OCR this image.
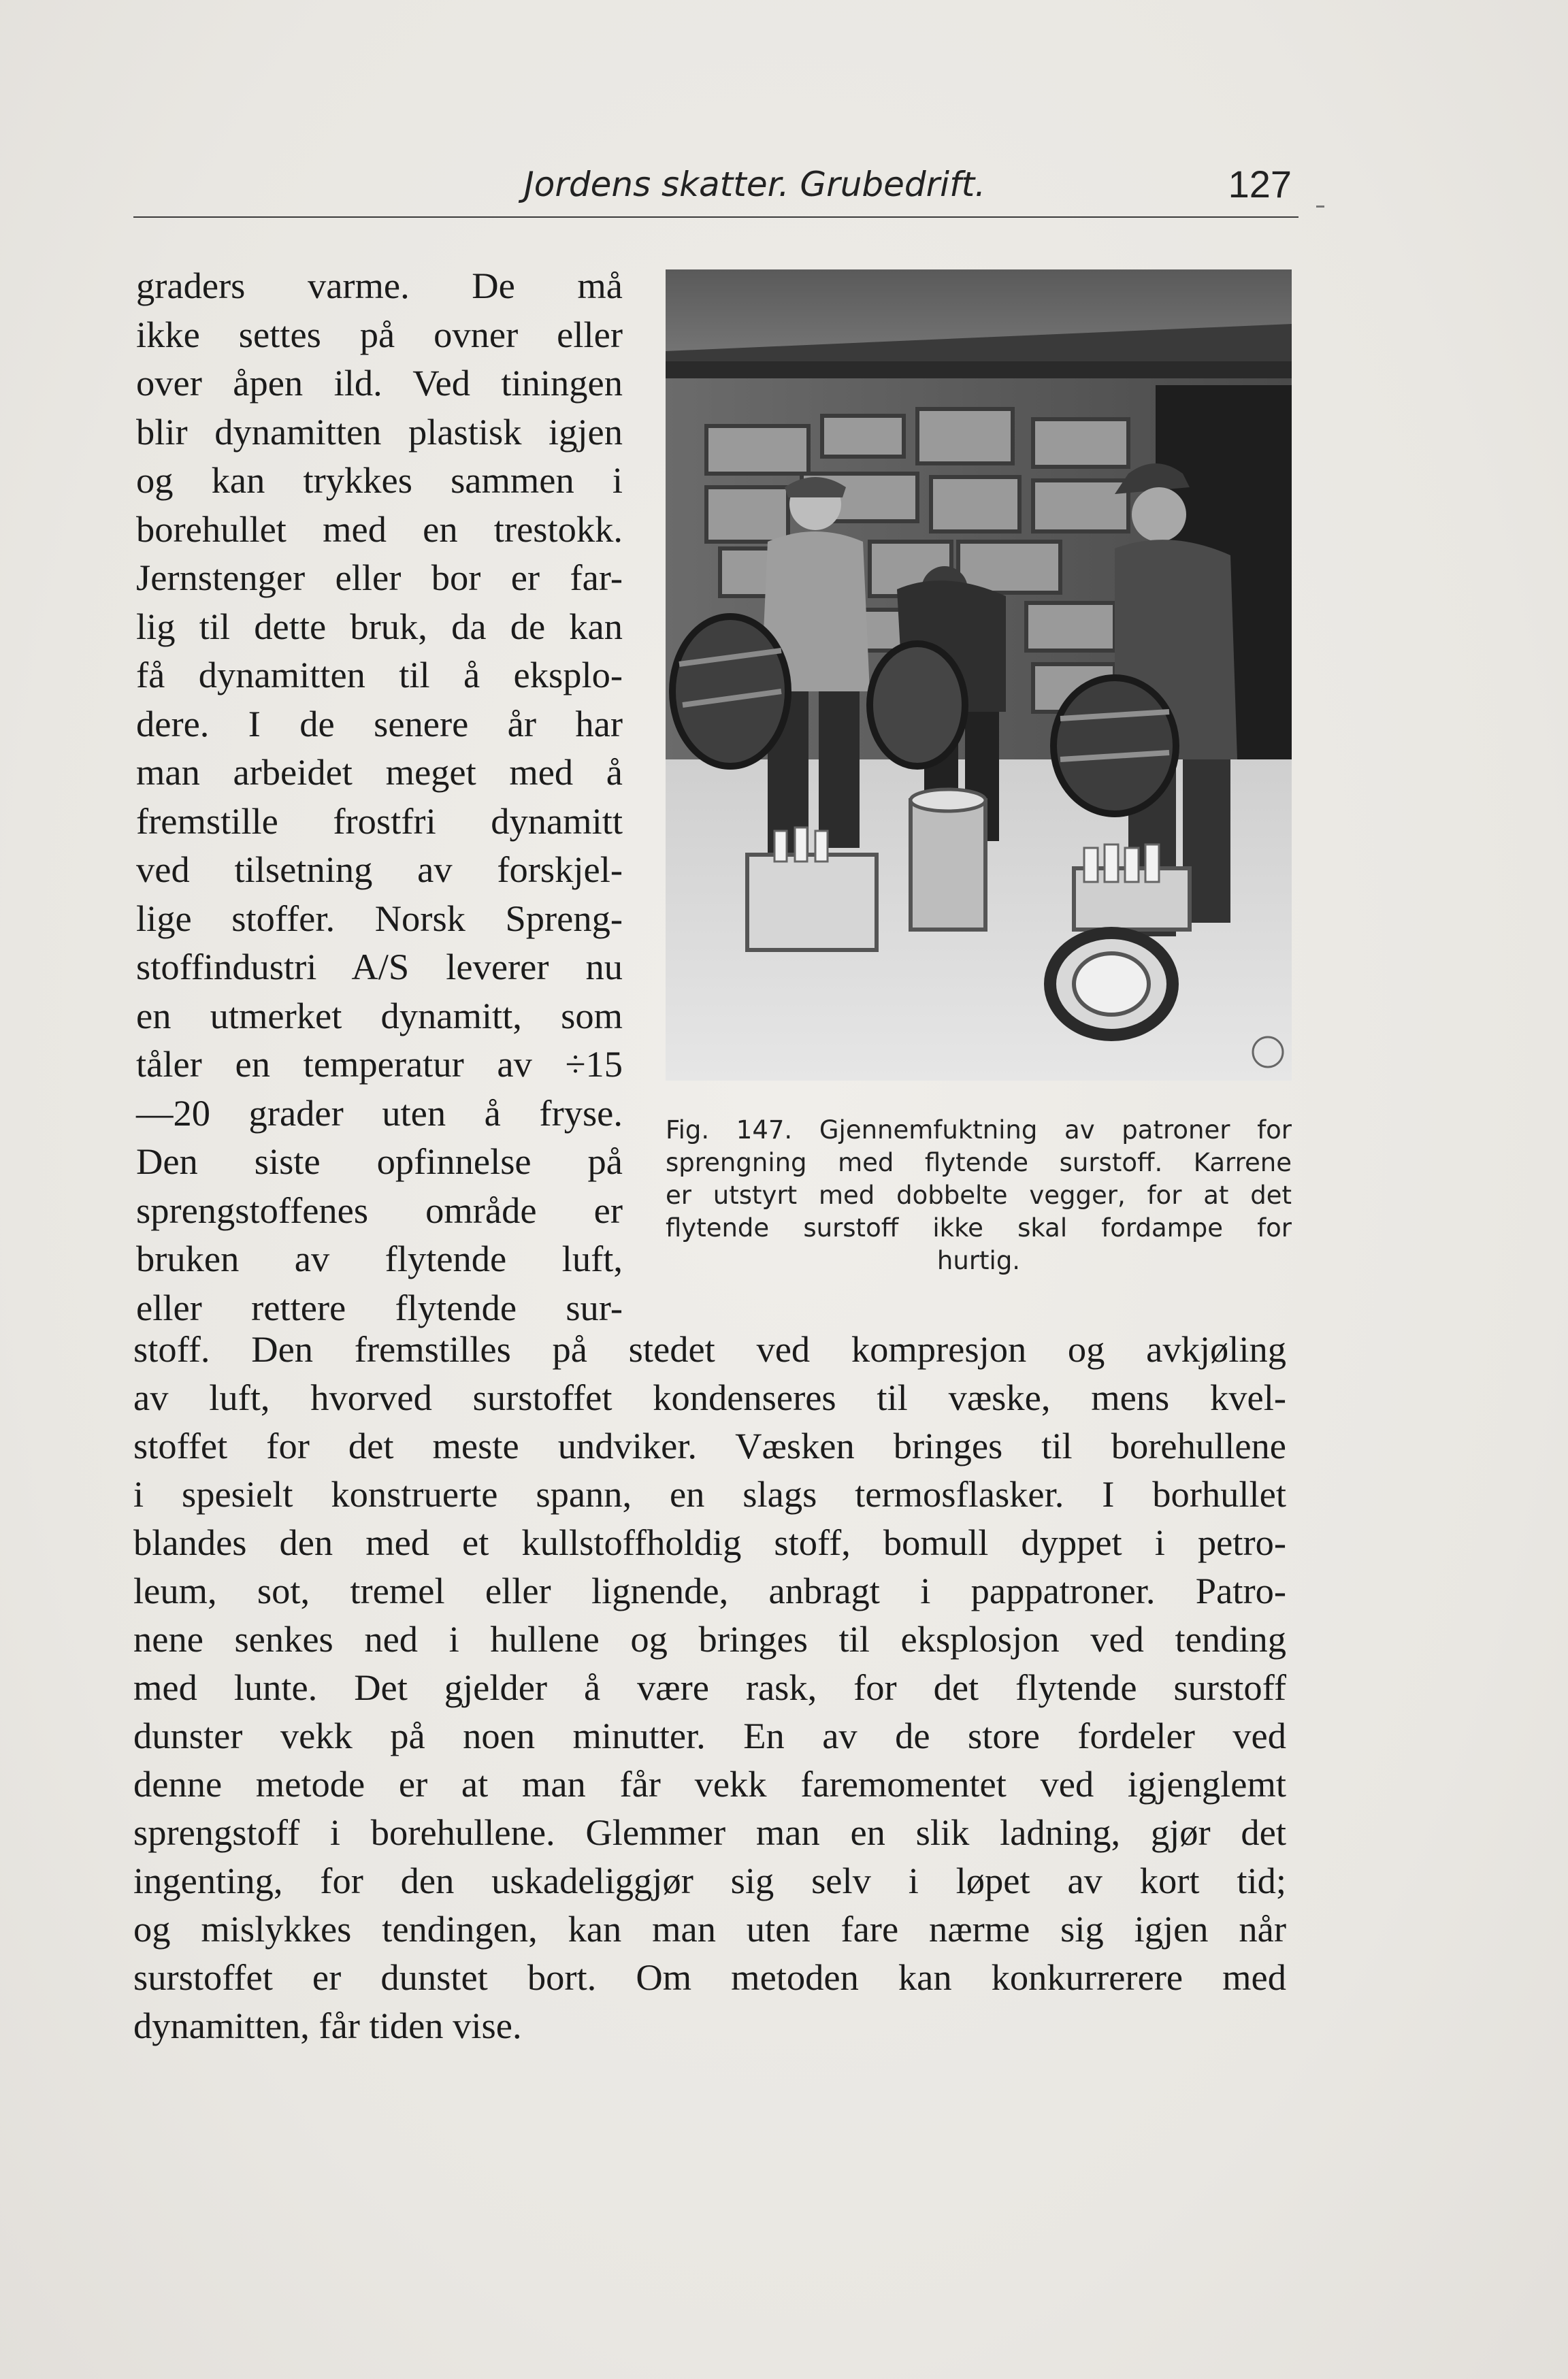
Jordens skatter. Grubedrift.	127
graders varme. De må
ikke settes på ovner eller
over åpen ild. Ved tiningen
blir dynamitten plastisk igjen
og kan trykkes sammen i
borehullet med en trestokk.
Jernstenger eller bor er far-
lig til dette bruk, da de kan
få dynamitten til å eksplo-
dere. I de senere år har
man arbeidet meget med å
fremstille frostfri dynamitt
ved tilsetning av forskjel-
lige stoffer. Norsk Spreng-
stoffindustri A/S leverer nu
en utmerket dynamitt, som
tåler en temperatur av ÷15
—20 grader uten å fryse.
Den siste opfinnelse på
sprengstoffenes område er
bruken av flytende luft,
eller rettere flytende sur-
Fig. 147. Gjennemfuktning av patroner for
sprengning med flytende surstoff. Karrene
er utstyrt med dobbelte vegger, for at det
flytende surstoff ikke skal fordampe for
hurtig.
stoff. Den fremstilles på stedet ved kompresjon og avkjøling
av luft, hvorved surstoffet kondenseres til væske, mens kvel-
stoffet for det meste undviker. Væsken bringes til borehullene
i spesielt konstruerte spann, en slags termosflasker. I borhullet
blandes den med et kullstoffholdig stoff, bomull dyppet i petro-
leum, sot, tremel eller lignende, anbragt i pappatroner. Patro-
nene senkes ned i hullene og bringes til eksplosjon ved tending
med lunte. Det gjelder å være rask, for det flytende surstoff
dunster vekk på noen minutter. En av de store fordeler ved
denne metode er at man får vekk faremomentet ved igjenglemt
sprengstoff i borehullene. Glemmer man en slik ladning, gjør det
ingenting, for den uskadeliggjør sig selv i løpet av kort tid;
og mislykkes tendingen, kan man uten fare nærme sig igjen når
surstoffet er dunstet bort. Om metoden kan konkurrerere med
dynamitten, får tiden vise.
